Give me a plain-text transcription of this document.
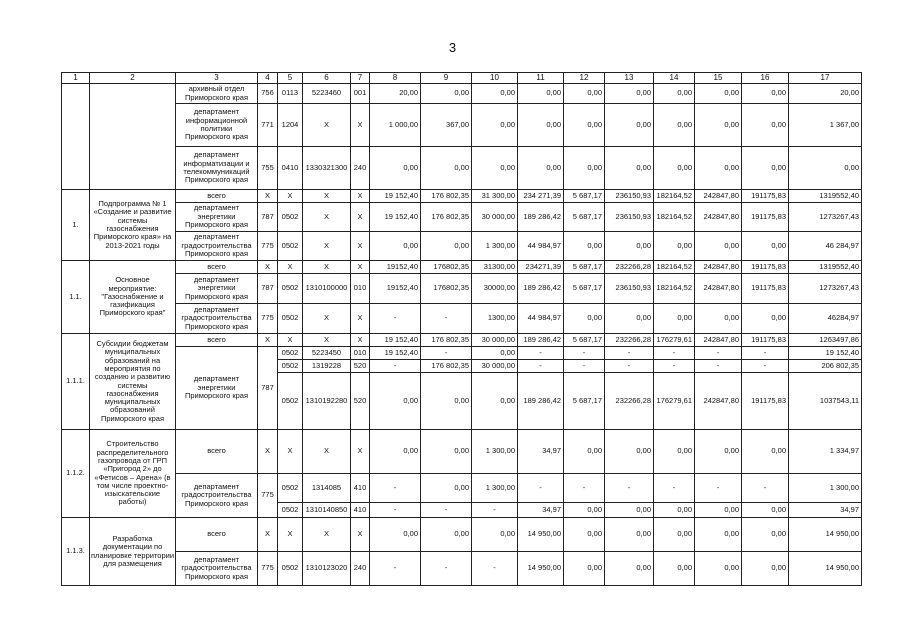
3
1	2	3	4	5	6	7	8	9	10	11	12	13	14	15	16	17
		архивный отдел Приморского края	756	0113	5223460	001	20,00	0,00	0,00	0,00	0,00	0,00	0,00	0,00	0,00	20,00
		департамент информационной политики Приморского края	771	1204	X	X	1 000,00	367,00	0,00	0,00	0,00	0,00	0,00	0,00	0,00	1 367,00
		департамент информатизации и телекоммуникаций Приморского края	755	0410	1330321300	240	0,00	0,00	0,00	0,00	0,00	0,00	0,00	0,00	0,00	0,00
1.	Подпрограмма № 1 «Создание и развитие системы газоснабжения Приморского края» на 2013-2021 годы	всего	X	X	X	X	19 152,40	176 802,35	31 300,00	234 271,39	5 687,17	236150,93	182164,52	242847,80	191175,83	1319552,40
		департамент энергетики Приморского края	787	0502	X	X	19 152,40	176 802,35	30 000,00	189 286,42	5 687,17	236150,93	182164,52	242847,80	191175,83	1273267,43
		департамент градостроительства Приморского края	775	0502	X	X	0,00	0,00	1 300,00	44 984,97	0,00	0,00	0,00	0,00	0,00	46 284,97
1.1.	Основное мероприятие: "Газоснабжение и газификация Приморского края"	всего	X	X	X	X	19152,40	176802,35	31300,00	234271,39	5 687,17	232266,28	182164,52	242847,80	191175,83	1319552,40
		департамент энергетики Приморского края	787	0502	1310100000	010	19152,40	176802,35	30000,00	189 286,42	5 687,17	236150,93	182164,52	242847,80	191175,83	1273267,43
		департамент градостроительства Приморского края	775	0502	X	X	-	-	1300,00	44 984,97	0,00	0,00	0,00	0,00	0,00	46284,97
1.1.1.	Субсидии бюджетам муниципальных образований на мероприятия по созданию и развитию системы газоснабжения муниципальных образований Приморского края	всего	X	X	X	X	19 152,40	176 802,35	30 000,00	189 286,42	5 687,17	232266,28	176279,61	242847,80	191175,83	1263497,86
		департамент энергетики Приморского края	787	0502	5223450	010	19 152,40	-	0,00	-	-	-	-	-	-	19 152,40
				0502	1319228	520	-	176 802,35	30 000,00	-	-	-	-	-	-	206 802,35
				0502	1310192280	520	0,00	0,00	0,00	189 286,42	5 687,17	232266,28	176279,61	242847,80	191175,83	1037543,11
1.1.2.	Строительство распределительного газопровода от ГРП «Пригород 2» до «Фетисов – Арена» (в том числе проектно-изыскательские работы)	всего	X	X	X	X	0,00	0,00	1 300,00	34,97	0,00	0,00	0,00	0,00	0,00	1 334,97
		департамент градостроительства Приморского края	775	0502	1314085	410	-	0,00	1 300,00	-	-	-	-	-	-	1 300,00
				0502	1310140850	410	-	-	-	34,97	0,00	0,00	0,00	0,00	0,00	34,97
1.1.3.	Разработка документации по планировке территории для размещения	всего	X	X	X	X	0,00	0,00	0,00	14 950,00	0,00	0,00	0,00	0,00	0,00	14 950,00
		департамент градостроительства Приморского края	775	0502	1310123020	240	-	-	-	14 950,00	0,00	0,00	0,00	0,00	0,00	14 950,00
